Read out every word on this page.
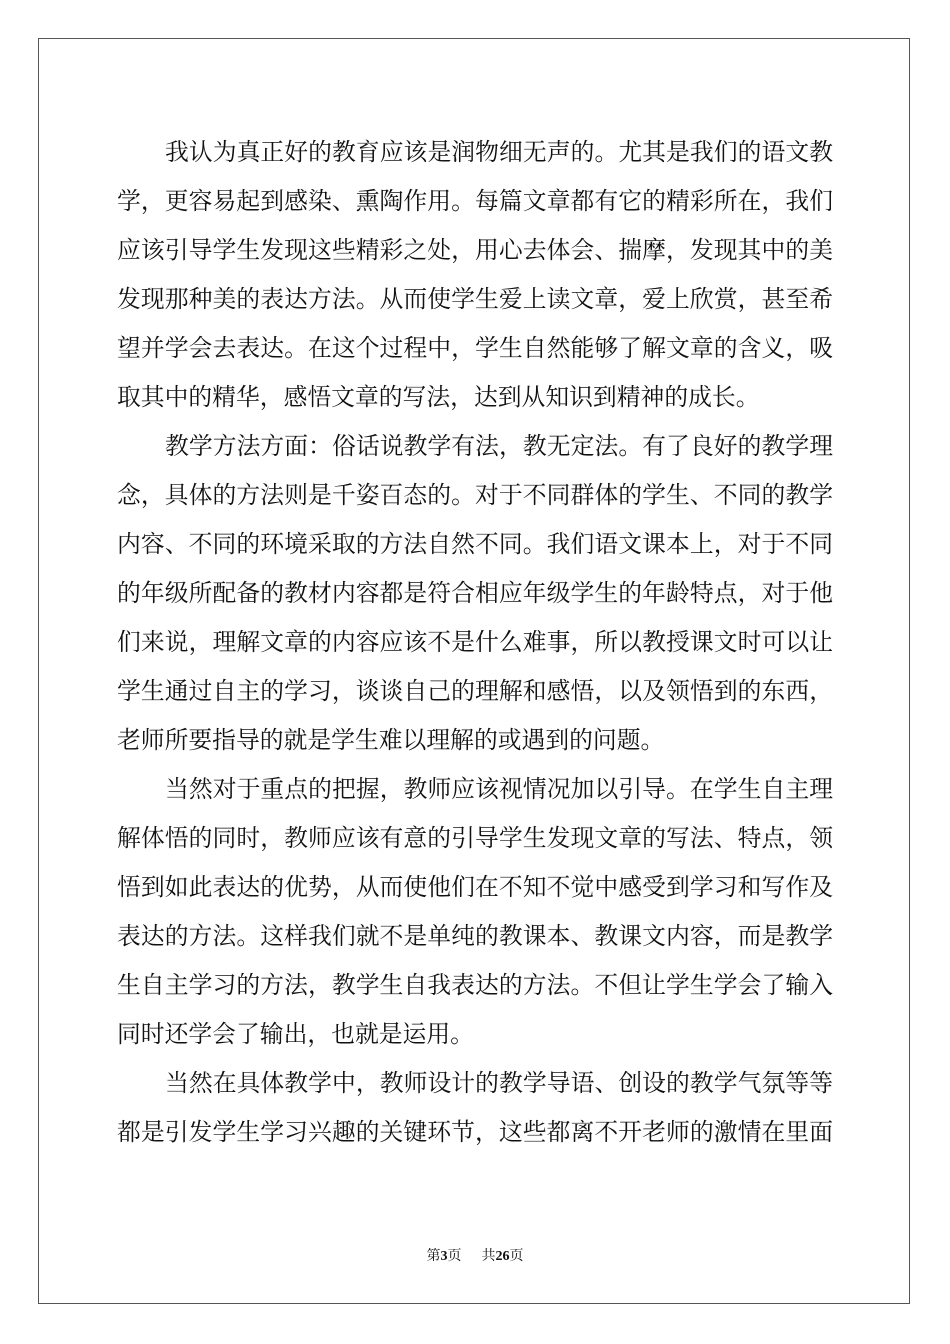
我认为真正好的教育应该是润物细无声的。尤其是我们的语文教
学，更容易起到感染、熏陶作用。每篇文章都有它的精彩所在，我们
应该引导学生发现这些精彩之处，用心去体会、揣摩，发现其中的美
发现那种美的表达方法。从而使学生爱上读文章，爱上欣赏，甚至希
望并学会去表达。在这个过程中，学生自然能够了解文章的含义，吸
取其中的精华，感悟文章的写法，达到从知识到精神的成长。
教学方法方面：俗话说教学有法，教无定法。有了良好的教学理
念，具体的方法则是千姿百态的。对于不同群体的学生、不同的教学
内容、不同的环境采取的方法自然不同。我们语文课本上，对于不同
的年级所配备的教材内容都是符合相应年级学生的年龄特点，对于他
们来说，理解文章的内容应该不是什么难事，所以教授课文时可以让
学生通过自主的学习，谈谈自己的理解和感悟，以及领悟到的东西，
老师所要指导的就是学生难以理解的或遇到的问题。
当然对于重点的把握，教师应该视情况加以引导。在学生自主理
解体悟的同时，教师应该有意的引导学生发现文章的写法、特点，领
悟到如此表达的优势，从而使他们在不知不觉中感受到学习和写作及
表达的方法。这样我们就不是单纯的教课本、教课文内容，而是教学
生自主学习的方法，教学生自我表达的方法。不但让学生学会了输入
同时还学会了输出，也就是运用。
当然在具体教学中，教师设计的教学导语、创设的教学气氛等等
都是引发学生学习兴趣的关键环节，这些都离不开老师的激情在里面
第3页 共26页
